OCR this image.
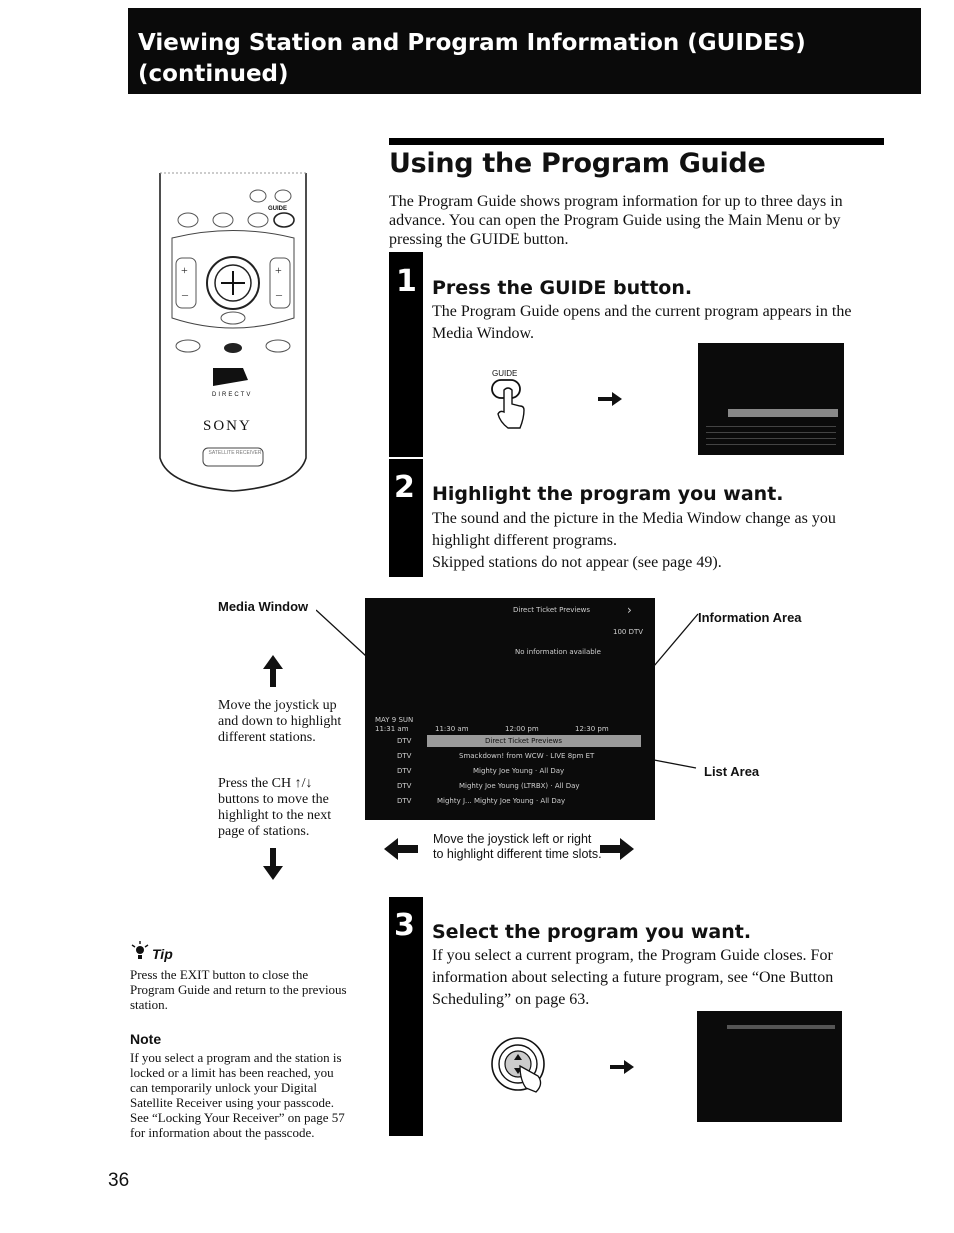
Viewing Station and Program Information (GUIDES)
(continued)
Using the Program Guide
The Program Guide shows program information for up to three days in advance. You can open the Program Guide using the Main Menu or by pressing the GUIDE button.
+	+
–	–
GUIDE
DIRECTV
SONY
SATELLITE RECEIVER
1 Press the GUIDE button.
The Program Guide opens and the current program appears in the Media Window.
GUIDE
2 Highlight the program you want.
The sound and the picture in the Media Window change as you highlight different programs.
Skipped stations do not appear (see page 49).
Media Window	Direct Ticket Previews	›
100 DTV
No information available
MAY 9 SUN
11:31 am	11:30 am	12:00 pm	12:30 pm
DTV	Direct Ticket Previews
DTV	Smackdown! from WCW · LIVE 8pm ET
DTV	Mighty Joe Young · All Day
DTV	Mighty Joe Young (LTRBX) · All Day
DTV	Mighty J... Mighty Joe Young · All Day
Information Area
List Area
Move the joystick up and down to highlight different stations.
Press the CH ↑/↓ buttons to move the highlight to the next page of stations.	Move the joystick left or right to highlight different time slots.
Tip
Press the EXIT button to close the Program Guide and return to the previous station.
Note
If you select a program and the station is locked or a limit has been reached, you can temporarily unlock your Digital Satellite Receiver using your passcode. See “Locking Your Receiver” on page 57 for information about the passcode.
3 Select the program you want.
If you select a current program, the Program Guide closes. For information about selecting a future program, see “One Button Scheduling” on page 63.
36
